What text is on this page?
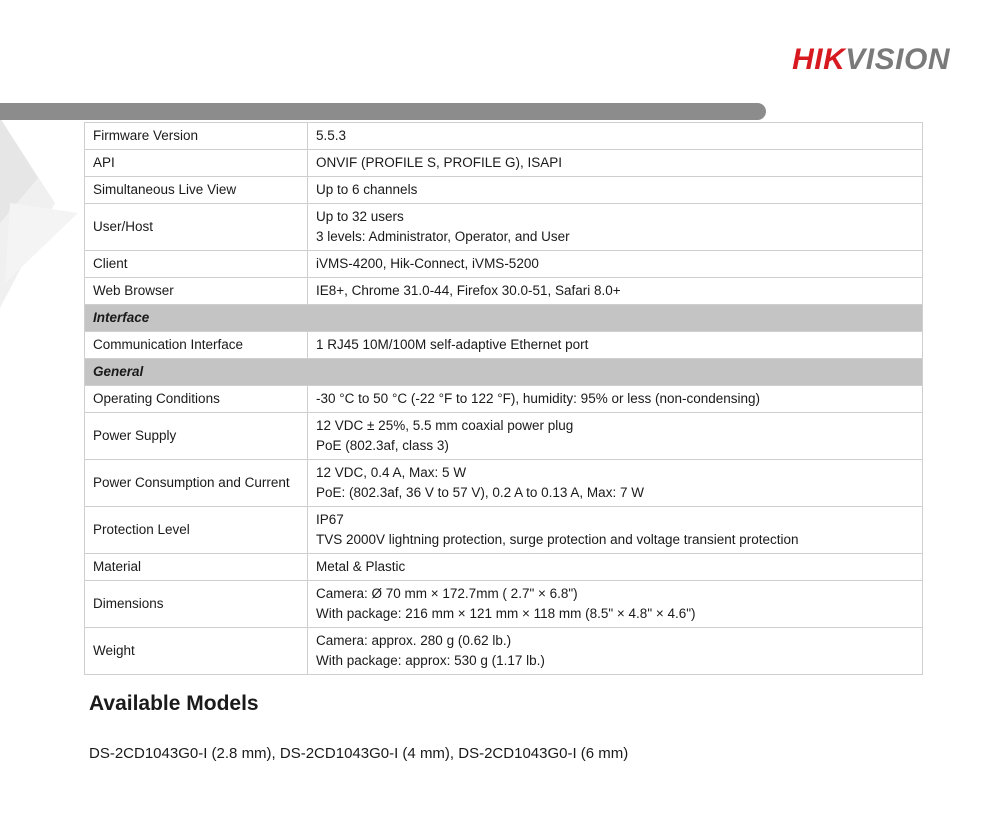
HIKVISION
Firmware Version	5.5.3

API	ONVIF (PROFILE S, PROFILE G), ISAPI

Simultaneous Live View	Up to 6 channels

User/Host	Up to 32 users
3 levels: Administrator, Operator, and User

Client	iVMS-4200, Hik-Connect, iVMS-5200

Web Browser	IE8+, Chrome 31.0-44, Firefox 30.0-51, Safari 8.0+

Interface	
Communication Interface	1 RJ45 10M/100M self-adaptive Ethernet port

General	
Operating Conditions	-30 °C to 50 °C (-22 °F to 122 °F), humidity: 95% or less (non-condensing)

Power Supply	12 VDC ± 25%, 5.5 mm coaxial power plug
PoE (802.3af, class 3)

Power Consumption and Current	12 VDC, 0.4 A, Max: 5 W
PoE: (802.3af, 36 V to 57 V), 0.2 A to 0.13 A, Max: 7 W

Protection Level	IP67
TVS 2000V lightning protection, surge protection and voltage transient protection

Material	Metal & Plastic

Dimensions	Camera: Ø 70 mm × 172.7mm ( 2.7" × 6.8")
With package: 216 mm × 121 mm × 118 mm (8.5" × 4.8" × 4.6")

Weight	Camera: approx. 280 g (0.62 lb.)
With package: approx: 530 g (1.17 lb.)
Available Models

DS-2CD1043G0-I (2.8 mm), DS-2CD1043G0-I (4 mm), DS-2CD1043G0-I (6 mm)
